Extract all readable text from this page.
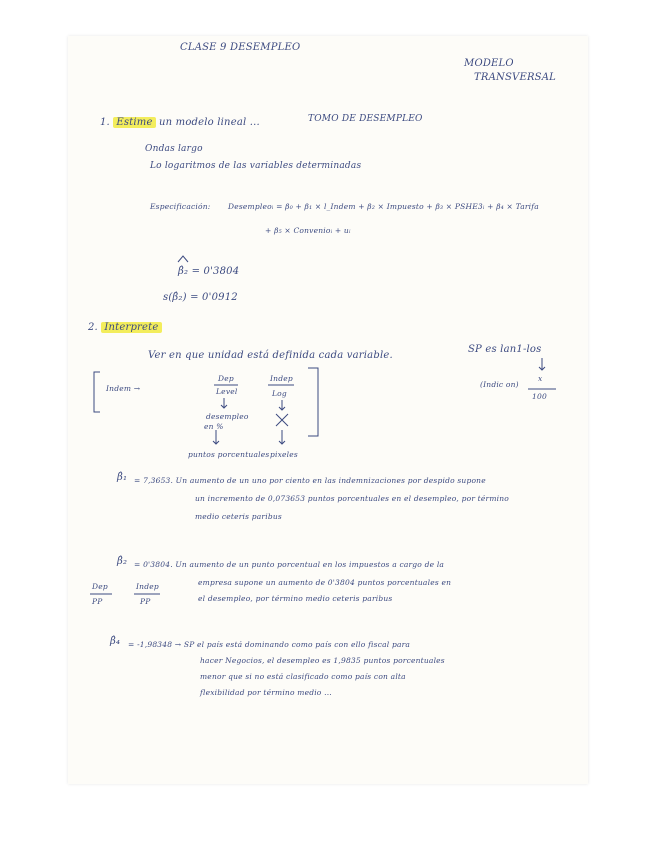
CLASE 9 DESEMPLEO

MODELO

TRANSVERSAL

1. Estime un modelo lineal ...	TOMO DE DESEMPLEO

Ondas largo

Lo logaritmos de las variables determinadas

Especificación: Desempleoᵢ = β₀ + β₁ × l_Indem + β₂ × Impuesto + β₃ × PSHE3ᵢ + β₄ × Tarifa

+ β₅ × Convenioᵢ + uᵢ

β̂₂ = 0'3804

s(β̂₂) = 0'0912

2. Interprete

Ver en que unidad está definida cada variable.

SP es lan1-los

(Indic on)

x

100

Indem →

Dep

Level

Indep

Log

desempleo

en %

puntos porcentuales pixeles

β̂₁ = 7,3653. Un aumento de un uno por ciento en las indemnizaciones por despido supone

un incremento de 0,073653 puntos porcentuales en el desempleo, por término

medio ceteris paribus

β̂₂ = 0'3804. Un aumento de un punto porcentual en los impuestos a cargo de la

empresa supone un aumento de 0'3804 puntos porcentuales en

el desempleo, por término medio ceteris paribus

Dep

PP

Indep

PP

β̂₄ = -1,98348 → SP el país está dominando como país con ello fiscal para

hacer Negocios, el desempleo es 1,9835 puntos porcentuales

menor que si no está clasificado como país con alta

flexibilidad por término medio ...
